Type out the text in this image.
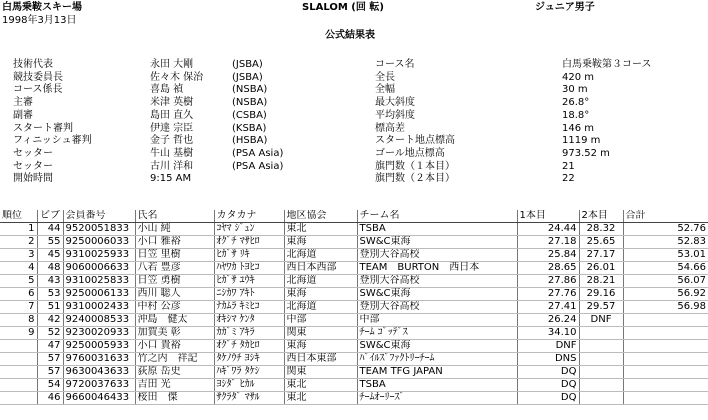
白馬乗鞍スキー場
1998年3月13日
SLALOM (回 転)	ジュニア男子
公式結果表
技術代表	永田 大剛	(JSBA)
競技委員長	佐々木 保治	(JSBA)
コース係長	喜島 禎	(NSBA)
主審	米津 英樹	(NSBA)
副審	島田 直久	(CSBA)
スタート審判	伊達 宗臣	(KSBA)
フィニッシュ審判	金子 哲也	(HSBA)
セッター	牛山 基樹	(PSA Asia)
セッター	古川 洋和	(PSA Asia)
開始時間	9:15 AM
コース名	白馬乗鞍第３コース
全長	420 m
全幅	30 m
最大斜度	26.8°
平均斜度	18.8°
標高差	146 m
スタート地点標高	1119 m
ゴール地点標高	973.52 m
旗門数（１本目）	21
旗門数（２本目）	22
順位	ビブ	会員番号	氏名	カタカナ	地区協会	チーム名	1本目	2本目	合計
1	44	9520051833	小山 純	ｺﾔﾏ ｼﾞｭﾝ	東北	TSBA	24.44	28.32	52.76
2	55	9250006033	小口 雅裕	ｵｸﾞﾁ ﾏｻﾋﾛ	東海	SW&C東海	27.18	25.65	52.83
3	45	9310025933	日笠 里樹	ﾋｶﾞｻ ﾘｷ	北海道	登別大谷高校	25.84	27.17	53.01
4	48	9060006633	八若 豊彦	ﾊﾔﾜｶ ﾄﾖﾋｺ	西日本西部	TEAM　BURTON　西日本	28.65	26.01	54.66
5	43	9310025833	日笠 勇樹	ﾋｶﾞｻ ﾕｳｷ	北海道	登別大谷高校	27.86	28.21	56.07
6	53	9250006133	西川 聡人	ﾆｼｶﾜ ｱｷﾄ	東海	SW&C東海	27.76	29.16	56.92
7	51	9310002433	中村 公彦	ﾅｶﾑﾗ ｷﾐﾋｺ	北海道	登別大谷高校	27.41	29.57	56.98
8	42	9240008533	沖島　健太	ｵｷｼﾏ ｹﾝﾀ	中部	中部	26.24	DNF	
9	52	9230020933	加賀美 彰	ｶｶﾞﾐ ｱｷﾗ	関東	ﾁｰﾑ ｺﾞｯﾃﾞｽ	34.10		
	47	9250005933	小口 貴裕	ｵｸﾞﾁ ﾀｶﾋﾛ	東海	SW&C東海	DNF		
	57	9760031633	竹之内　祥記	ﾀｹﾉｳﾁ ﾖｼｷ	西日本東部	ﾊﾞｲﾙｽﾞﾌｧｸﾄﾘｰﾁｰﾑ	DNS		
	57	9630043633	荻原 岳史	ﾊｷﾞﾜﾗ ﾀｹｼ	関東	TEAM TFG JAPAN	DQ		
	54	9720037633	吉田 光	ﾖｼﾀﾞ ﾋｶﾙ	東北	TSBA	DQ		
	46	9660046433	桜田　傑	ｻｸﾗﾀﾞ ﾏｻﾙ	東北	ﾁｰﾑｵｰﾘｰｽﾞ	DQ		
